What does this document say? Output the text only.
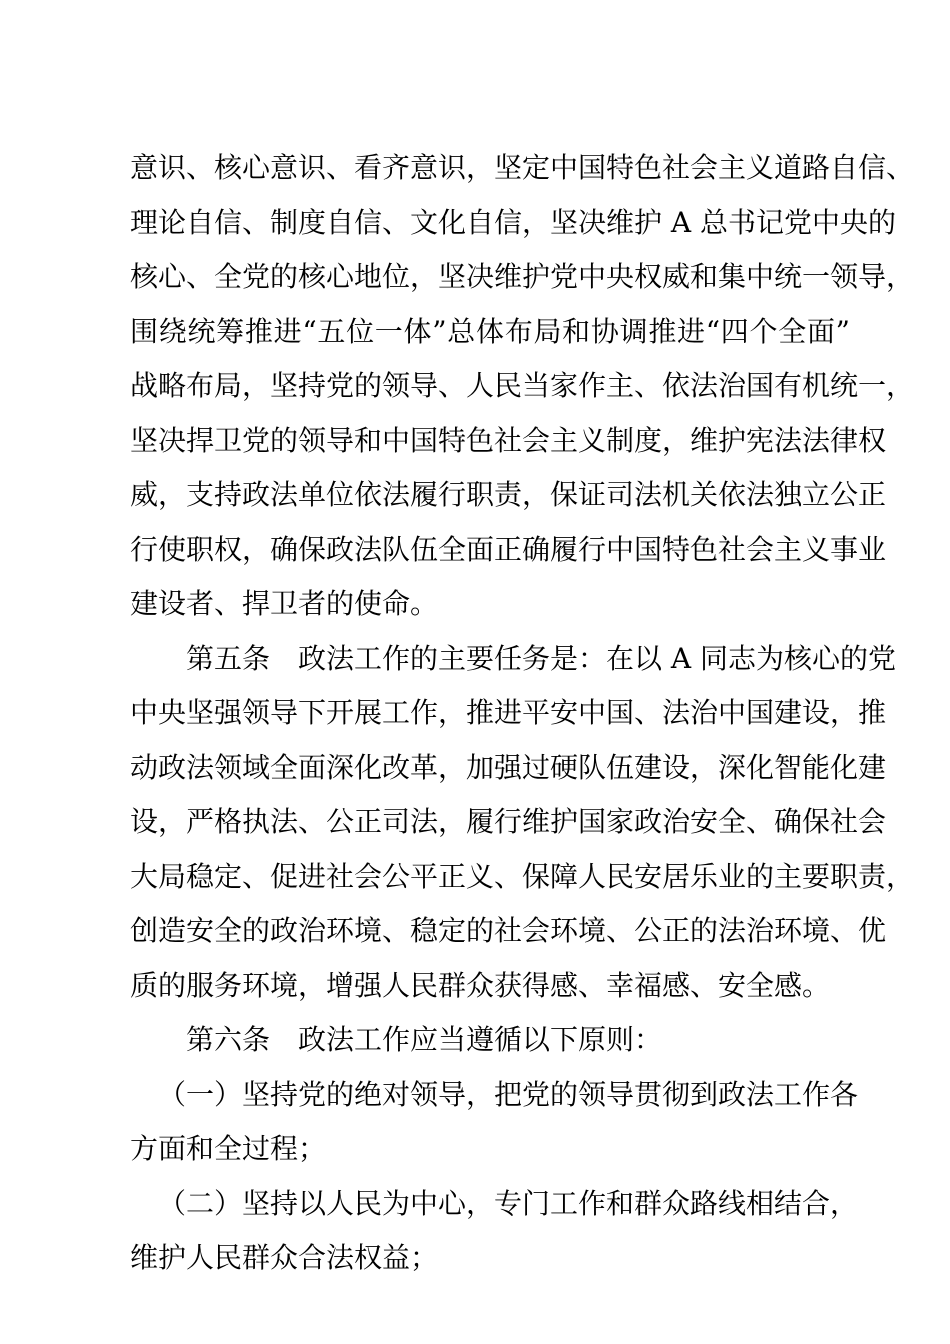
意识、核心意识、看齐意识，坚定中国特色社会主义道路自信、
理论自信、制度自信、文化自信，坚决维护 A 总书记党中央的
核心、全党的核心地位，坚决维护党中央权威和集中统一领导，
围绕统筹推进“五位一体”总体布局和协调推进“四个全面”
战略布局，坚持党的领导、人民当家作主、依法治国有机统一，
坚决捍卫党的领导和中国特色社会主义制度，维护宪法法律权
威，支持政法单位依法履行职责，保证司法机关依法独立公正
行使职权，确保政法队伍全面正确履行中国特色社会主义事业
建设者、捍卫者的使命。
第五条　政法工作的主要任务是：在以 A 同志为核心的党
中央坚强领导下开展工作，推进平安中国、法治中国建设，推
动政法领域全面深化改革，加强过硬队伍建设，深化智能化建
设，严格执法、公正司法，履行维护国家政治安全、确保社会
大局稳定、促进社会公平正义、保障人民安居乐业的主要职责，
创造安全的政治环境、稳定的社会环境、公正的法治环境、优
质的服务环境，增强人民群众获得感、幸福感、安全感。
第六条　政法工作应当遵循以下原则：
（一）坚持党的绝对领导，把党的领导贯彻到政法工作各
方面和全过程；
（二）坚持以人民为中心，专门工作和群众路线相结合，
维护人民群众合法权益；
